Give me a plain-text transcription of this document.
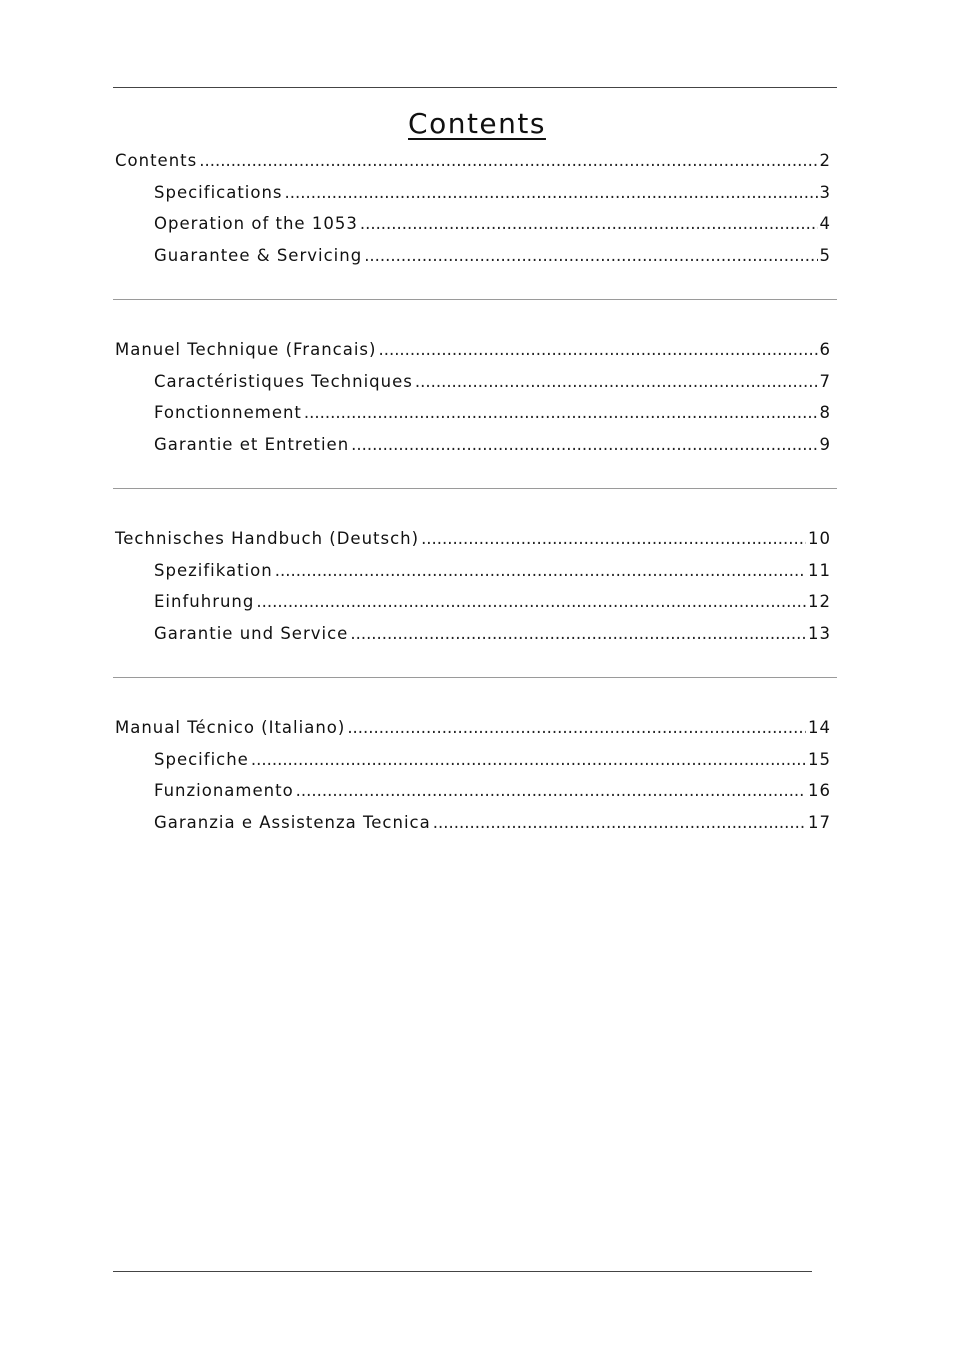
Contents
Contents .....	2
Specifications .....	3
Operation of the 1053 .....	4
Guarantee & Servicing .....	5
Manuel Technique (Francais) .....	6
Caractéristiques Techniques .....	7
Fonctionnement .....	8
Garantie et Entretien .....	9
Technisches Handbuch (Deutsch) .....	10
Spezifikation .....	11
Einfuhrung .....	12
Garantie und Service .....	13
Manual Técnico (Italiano) .....	14
Specifiche .....	15
Funzionamento .....	16
Garanzia e Assistenza Tecnica .....	17
